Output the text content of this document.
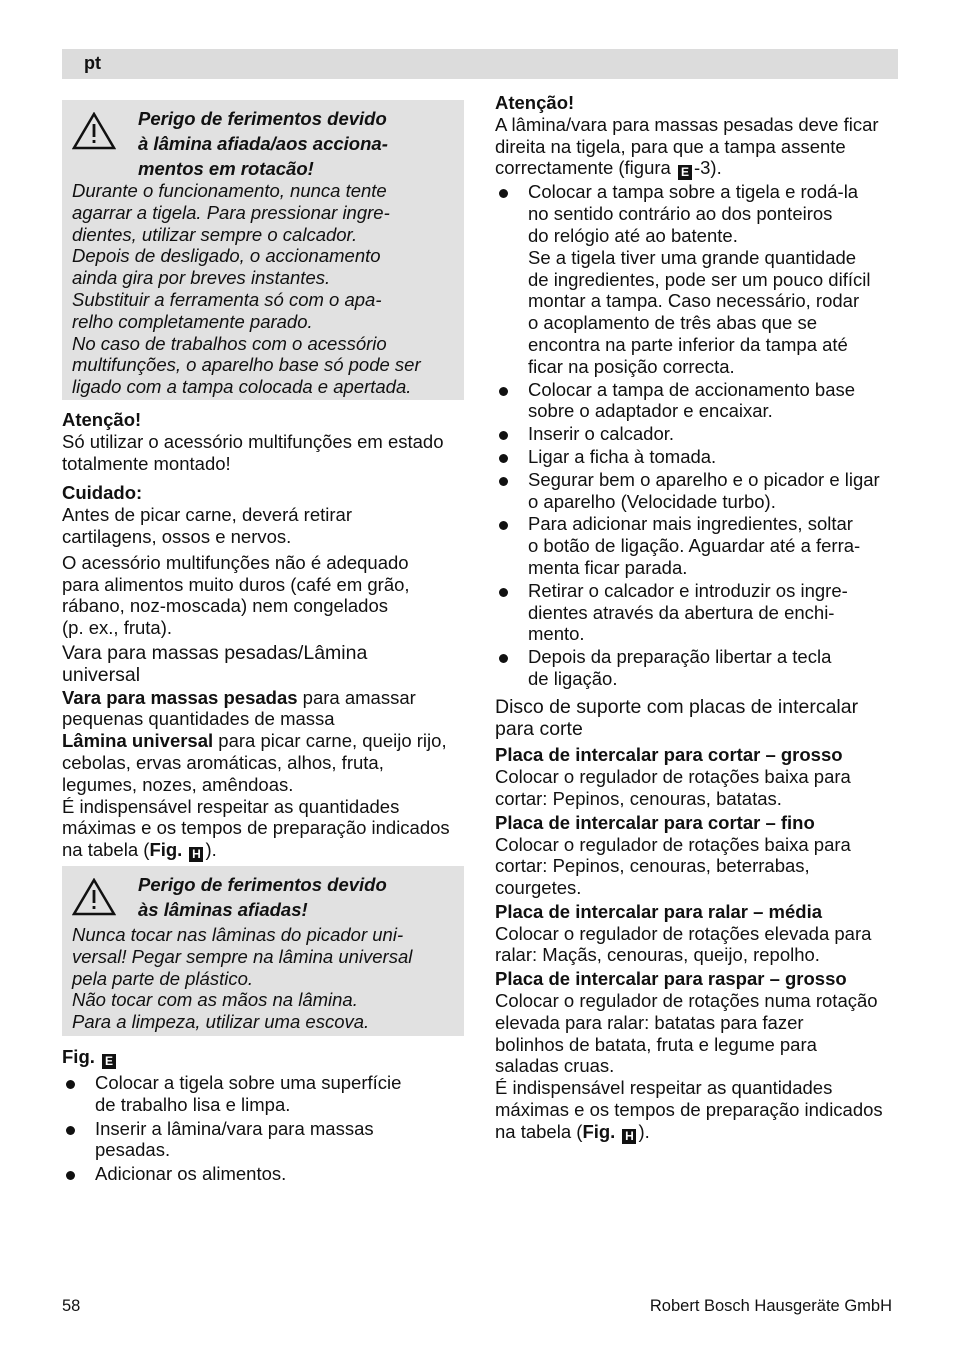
pt
Perigo de ferimentos devido
à lâmina afiada/aos acciona-
mentos em rotacão!
Durante o funcionamento, nunca tente
agarrar a tigela. Para pressionar ingre-
dientes, utilizar sempre o calcador.
Depois de desligado, o accionamento
ainda gira por breves instantes.
Substituir a ferramenta só com o apa-
relho completamente parado.
No caso de trabalhos com o acessório
multifunções, o aparelho base só pode ser
ligado com a tampa colocada e apertada.
Atenção!
Só utilizar o acessório multifunções em estado
totalmente montado!
Cuidado:
Antes de picar carne, deverá retirar
cartilagens, ossos e nervos.
O acessório multifunções não é adequado
para alimentos muito duros (café em grão,
rábano, noz-moscada) nem congelados
(p. ex., fruta).
Vara para massas pesadas/Lâmina
universal
Vara para massas pesadas para amassar
pequenas quantidades de massa
Lâmina universal para picar carne, queijo rijo,
cebolas, ervas aromáticas, alhos, fruta,
legumes, nozes, amêndoas.
É indispensável respeitar as quantidades
máximas e os tempos de preparação indicados
na tabela (Fig. H ).
Perigo de ferimentos devido
às lâminas afiadas!
Nunca tocar nas lâminas do picador uni-
versal! Pegar sempre na lâmina universal
pela parte de plástico.
Não tocar com as mãos na lâmina.
Para a limpeza, utilizar uma escova.
Fig. E
Colocar a tigela sobre uma superfície
de trabalho lisa e limpa.
Inserir a lâmina/vara para massas
pesadas.
Adicionar os alimentos.
Atenção!
A lâmina/vara para massas pesadas deve ficar
direita na tigela, para que a tampa assente
correctamente (figura E -3).
Colocar a tampa sobre a tigela e rodá-la
no sentido contrário ao dos ponteiros
do relógio até ao batente.
Se a tigela tiver uma grande quantidade
de ingredientes, pode ser um pouco difícil
montar a tampa. Caso necessário, rodar
o acoplamento de três abas que se
encontra na parte inferior da tampa até
ficar na posição correcta.
Colocar a tampa de accionamento base
sobre o adaptador e encaixar.
Inserir o calcador.
Ligar a ficha à tomada.
Segurar bem o aparelho e o picador e ligar
o aparelho (Velocidade turbo).
Para adicionar mais ingredientes, soltar
o botão de ligação. Aguardar até a ferra-
menta ficar parada.
Retirar o calcador e introduzir os ingre-
dientes através da abertura de enchi-
mento.
Depois da preparação libertar a tecla
de ligação.
Disco de suporte com placas de intercalar
para corte
Placa de intercalar para cortar – grosso
Colocar o regulador de rotações baixa para
cortar: Pepinos, cenouras, batatas.
Placa de intercalar para cortar – fino
Colocar o regulador de rotações baixa para
cortar: Pepinos, cenouras, beterrabas,
courgetes.
Placa de intercalar para ralar – média
Colocar o regulador de rotações elevada para
ralar: Maçãs, cenouras, queijo, repolho.
Placa de intercalar para raspar – grosso
Colocar o regulador de rotações numa rotação
elevada para ralar: batatas para fazer
bolinhos de batata, fruta e legume para
saladas cruas.
É indispensável respeitar as quantidades
máximas e os tempos de preparação indicados
na tabela (Fig. H ).
58	Robert Bosch Hausgeräte GmbH
